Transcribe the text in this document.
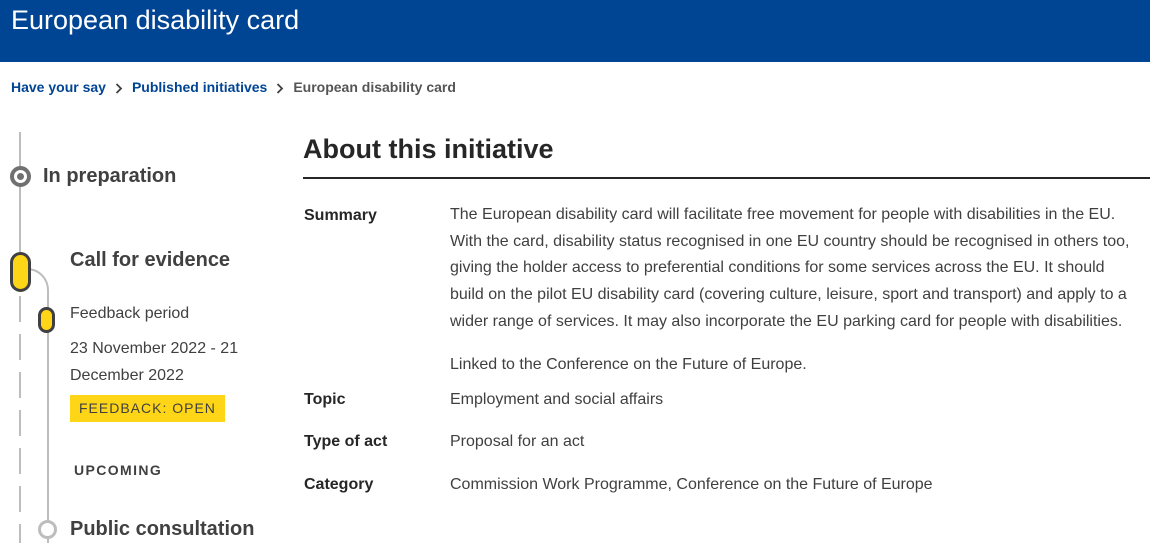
European disability card
Have your say Published initiatives European disability card
In preparation
Call for evidence
Feedback period
23 November 2022 - 21 December 2022
FEEDBACK: OPEN
UPCOMING
Public consultation
About this initiative
Summary	The European disability card will facilitate free movement for people with disabilities in the EU. With the card, disability status recognised in one EU country should be recognised in others too, giving the holder access to preferential conditions for some services across the EU. It should build on the pilot EU disability card (covering culture, leisure, sport and transport) and apply to a wider range of services. It may also incorporate the EU parking card for people with disabilities.
Linked to the Conference on the Future of Europe.
Topic	Employment and social affairs
Type of act	Proposal for an act
Category	Commission Work Programme, Conference on the Future of Europe
